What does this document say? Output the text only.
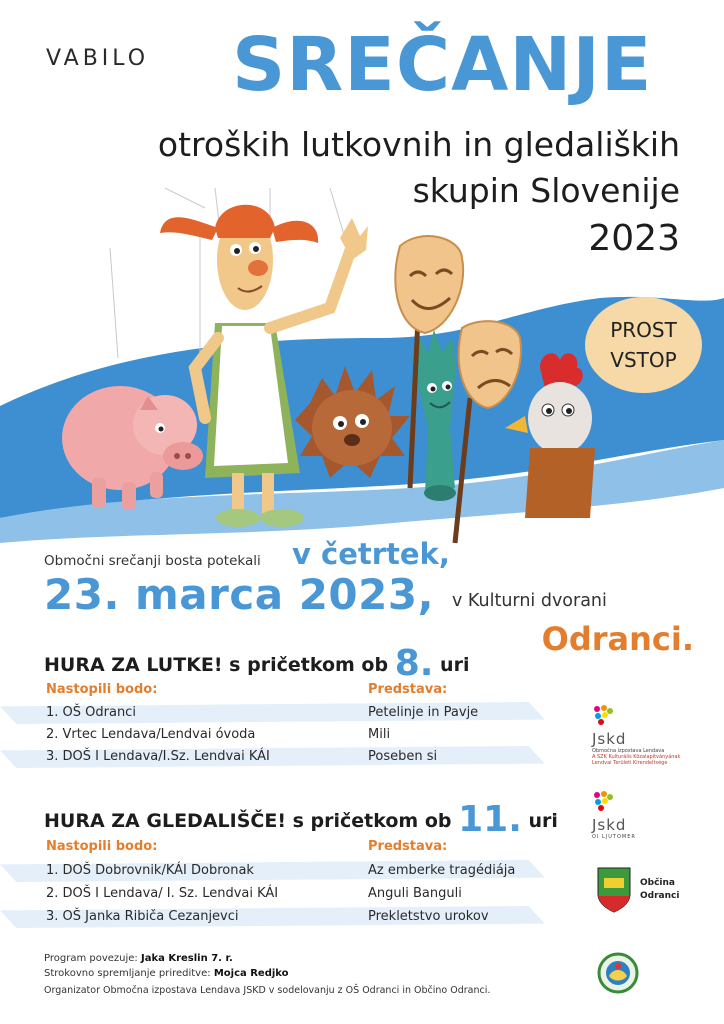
VABILO SREČANJE
otroških lutkovnih in gledaliških
skupin Slovenije
2023
PROST
VSTOP
Območni srečanji bosta potekali v četrtek,
23. marca 2023, v Kulturni dvorani
Odranci.
HURA ZA LUTKE! s pričetkom ob 8. uri
Nastopili bodo:	Predstava:
1. OŠ Odranci	Petelinje in Pavje
2. Vrtec Lendava/Lendvai óvoda	Mili
3. DOŠ I Lendava/I.Sz. Lendvai KÁI	Poseben si
HURA ZA GLEDALIŠČE! s pričetkom ob 11. uri
Nastopili bodo:	Predstava:
1. DOŠ Dobrovnik/KÁI Dobronak	Az emberke tragédiája
2. DOŠ I Lendava/ I. Sz. Lendvai KÁI	Anguli Banguli
3. OŠ Janka Ribiča Cezanjevci	Prekletstvo urokov
Program povezuje: Jaka Kreslin 7. r.
Strokovno spremljanje prireditve: Mojca Redjko
Organizator Območna izpostava Lendava JSKD v sodelovanju z OŠ Odranci in Občino Odranci.
Jskd
Območna izpostava Lendava
A SZK Kulturális Közalapítványának
Lendvai Területi Kirendeltsége
Jskd
OI LJUTOMER
Občina
Odranci
